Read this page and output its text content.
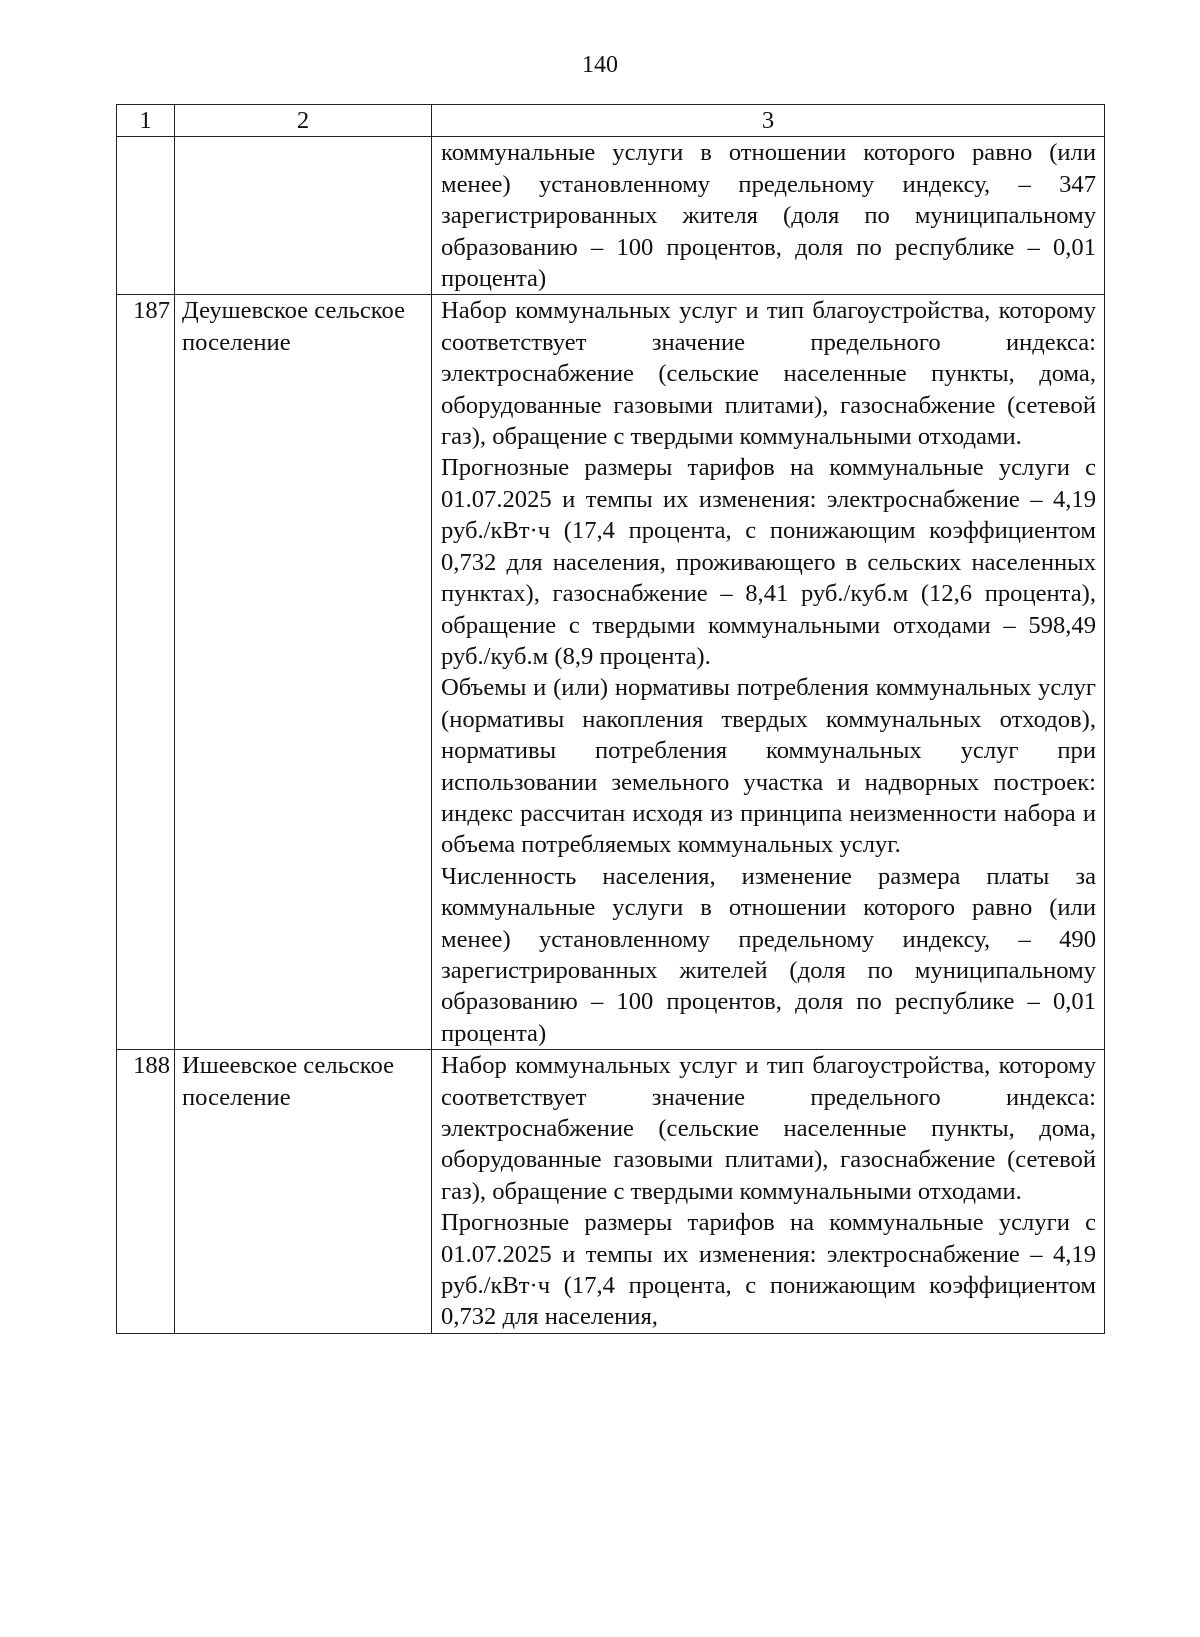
140
1	2	3

		коммунальные услуги в отношении которого равно (или менее) установленному предельному индексу, – 347 зарегистрированных жителя (доля по муниципальному образованию – 100 процентов, доля по республике – 0,01 процента)

187	Деушевское сельское поселение	Набор коммунальных услуг и тип благоустройства, которому соответствует значение предельного индекса: электроснабжение (сельские населенные пункты, дома, оборудованные газовыми плитами), газоснабжение (сетевой газ), обращение с твердыми коммунальными отходами.

Прогнозные размеры тарифов на коммунальные услуги с 01.07.2025 и темпы их изменения: электроснабжение – 4,19 руб./кВт·ч (17,4 процента, с понижающим коэффициентом 0,732 для населения, проживающего в сельских населенных пунктах), газоснабжение – 8,41 руб./куб.м (12,6 процента), обращение с твердыми коммунальными отходами – 598,49 руб./куб.м (8,9 процента).

Объемы и (или) нормативы потребления коммунальных услуг (нормативы накопления твердых коммунальных отходов), нормативы потребления коммунальных услуг при использовании земельного участка и надворных построек: индекс рассчитан исходя из принципа неизменности набора и объема потребляемых коммунальных услуг.

Численность населения, изменение размера платы за коммунальные услуги в отношении которого равно (или менее) установленному предельному индексу, – 490 зарегистрированных жителей (доля по муниципальному образованию – 100 процентов, доля по республике – 0,01 процента)

188	Ишеевское сельское поселение	Набор коммунальных услуг и тип благоустройства, которому соответствует значение предельного индекса: электроснабжение (сельские населенные пункты, дома, оборудованные газовыми плитами), газоснабжение (сетевой газ), обращение с твердыми коммунальными отходами.

Прогнозные размеры тарифов на коммунальные услуги с 01.07.2025 и темпы их изменения: электроснабжение – 4,19 руб./кВт·ч (17,4 процента, с понижающим коэффициентом 0,732 для населения,
